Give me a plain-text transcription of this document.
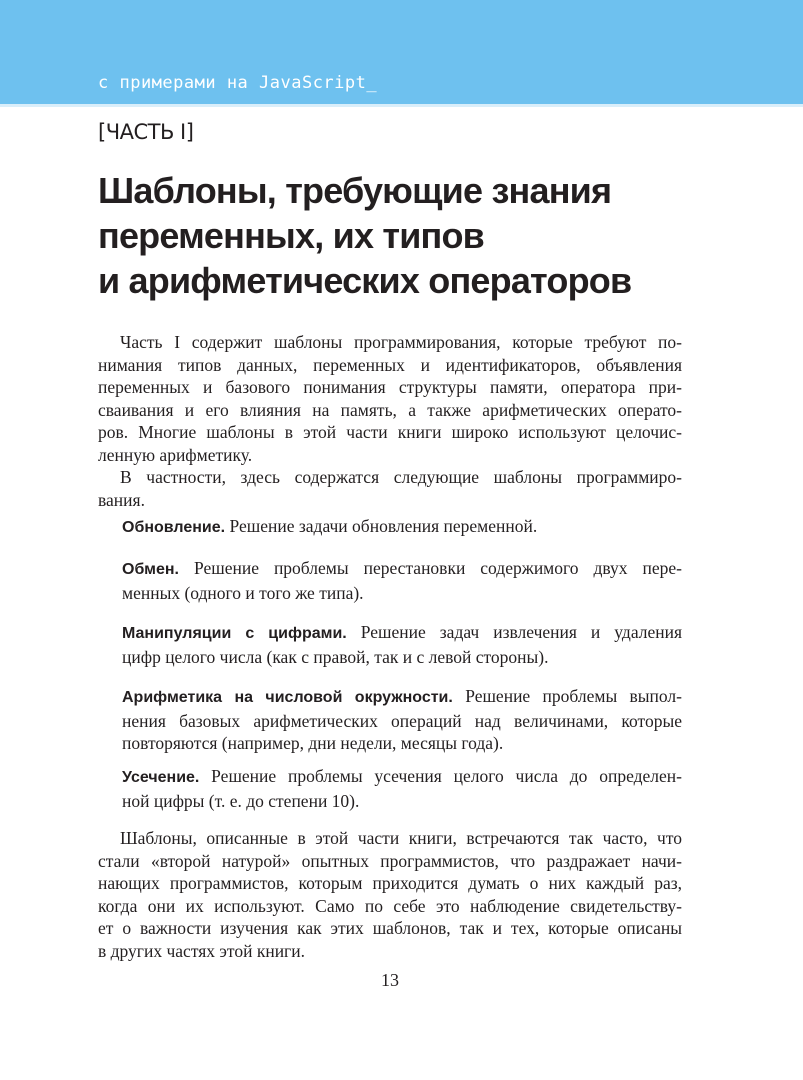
с примерами на JavaScript_
[ЧАСТЬ I]
Шаблоны, требующие знания
переменных, их типов
и арифметических операторов
Часть I содержит шаблоны программирования, которые требуют по-
нимания типов данных, переменных и идентификаторов, объявления
переменных и базового понимания структуры памяти, оператора при-
сваивания и его влияния на память, а также арифметических операто-
ров. Многие шаблоны в этой части книги широко используют целочис-
ленную арифметику.
В частности, здесь содержатся следующие шаблоны программиро-
вания.
Обновление. Решение задачи обновления переменной.
Обмен. Решение проблемы перестановки содержимого двух пере-
менных (одного и того же типа).
Манипуляции с цифрами. Решение задач извлечения и удаления
цифр целого числа (как с правой, так и с левой стороны).
Арифметика на числовой окружности. Решение проблемы выпол-
нения базовых арифметических операций над величинами, которые
повторяются (например, дни недели, месяцы года).
Усечение. Решение проблемы усечения целого числа до определен-
ной цифры (т. е. до степени 10).
Шаблоны, описанные в этой части книги, встречаются так часто, что
стали «второй натурой» опытных программистов, что раздражает начи-
нающих программистов, которым приходится думать о них каждый раз,
когда они их используют. Само по себе это наблюдение свидетельству-
ет о важности изучения как этих шаблонов, так и тех, которые описаны
в других частях этой книги.
13
